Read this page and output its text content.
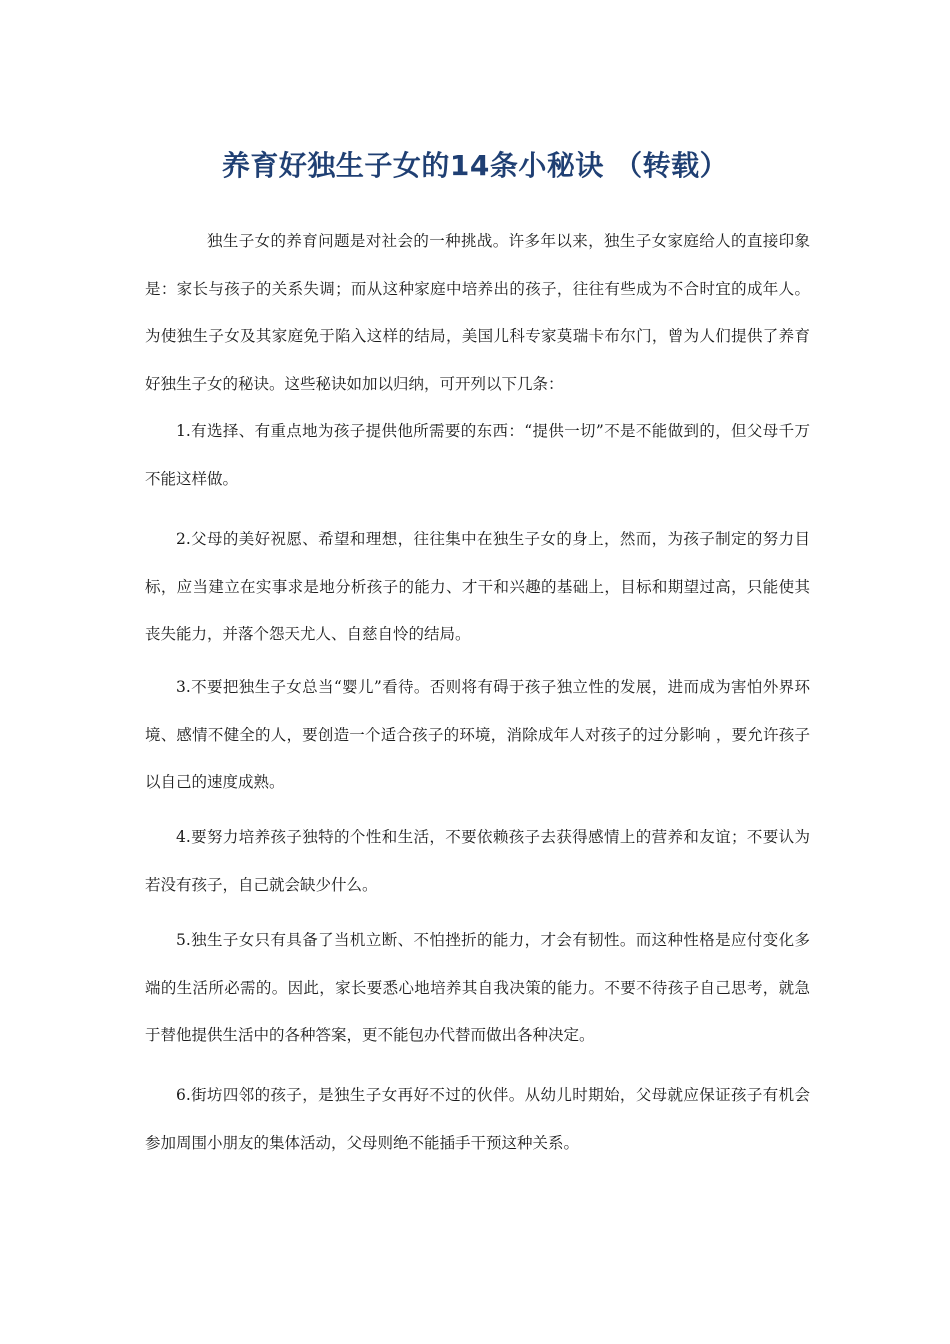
养育好独生子女的14条小秘诀 （转载）

独生子女的养育问题是对社会的一种挑战。许多年以来，独生子女家庭给人的直接印象是：家长与孩子的关系失调；而从这种家庭中培养出的孩子，往往有些成为不合时宜的成年人。为使独生子女及其家庭免于陷入这样的结局，美国儿科专家莫瑞卡布尔门，曾为人们提供了养育好独生子女的秘诀。这些秘诀如加以归纳，可开列以下几条：

1.有选择、有重点地为孩子提供他所需要的东西：“提供一切”不是不能做到的，但父母千万不能这样做。

2.父母的美好祝愿、希望和理想，往往集中在独生子女的身上，然而，为孩子制定的努力目标，应当建立在实事求是地分析孩子的能力、才干和兴趣的基础上，目标和期望过高，只能使其丧失能力，并落个怨天尤人、自慈自怜的结局。

3.不要把独生子女总当“婴儿”看待。否则将有碍于孩子独立性的发展，进而成为害怕外界环境、感情不健全的人，要创造一个适合孩子的环境，消除成年人对孩子的过分影响 ，要允许孩子以自己的速度成熟。

4.要努力培养孩子独特的个性和生活，不要依赖孩子去获得感情上的营养和友谊；不要认为若没有孩子，自己就会缺少什么。

5.独生子女只有具备了当机立断、不怕挫折的能力，才会有韧性。而这种性格是应付变化多端的生活所必需的。因此，家长要悉心地培养其自我决策的能力。不要不待孩子自己思考，就急于替他提供生活中的各种答案，更不能包办代替而做出各种决定。

6.街坊四邻的孩子，是独生子女再好不过的伙伴。从幼儿时期始，父母就应保证孩子有机会参加周围小朋友的集体活动，父母则绝不能插手干预这种关系。
